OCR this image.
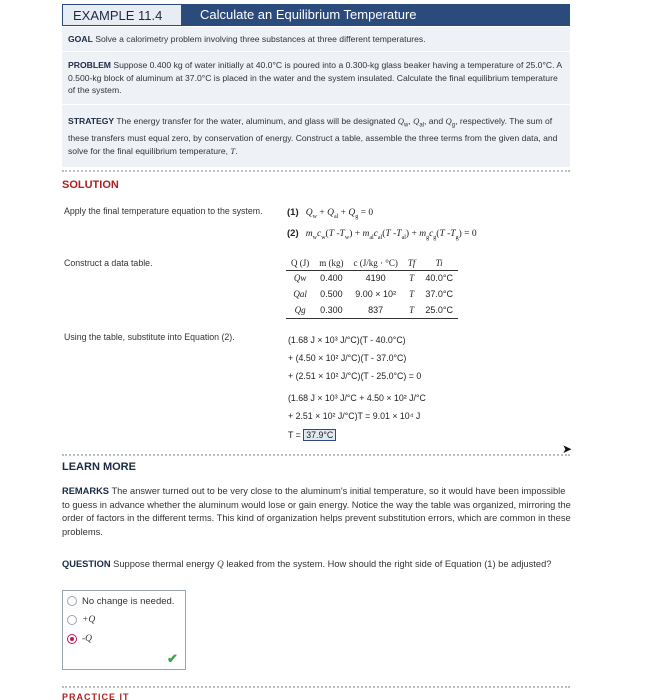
EXAMPLE 11.4	Calculate an Equilibrium Temperature
GOAL Solve a calorimetry problem involving three substances at three different temperatures.
PROBLEM Suppose 0.400 kg of water initially at 40.0°C is poured into a 0.300-kg glass beaker having a temperature of 25.0°C. A 0.500-kg block of aluminum at 37.0°C is placed in the water and the system insulated. Calculate the final equilibrium temperature of the system.
STRATEGY The energy transfer for the water, aluminum, and glass will be designated $Q_w$, $Q_{al}$, and $Q_g$, respectively. The sum of these transfers must equal zero, by conservation of energy. Construct a table, assemble the three terms from the given data, and solve for the final equilibrium temperature, T.
SOLUTION
Apply the final temperature equation to the system.	(1) $Q_w + Q_{al} + Q_g = 0$
(2) $m_wc_w(T$ $-T_w) + m_{al}c_{al}(T$ $-T_{al}) + m_gc_g(T$ $-T_g) = 0$
Construct a data table.	Q (J)	m (kg)	c (J/kg · °C)	Tf	Ti
Qw	0.400	4190	T	40.0°C
Qal	0.500	9.00 × 10²	T	37.0°C
Qg	0.300	837	T	25.0°C
Using the table, substitute into Equation (2).	(1.68 J × 10³ J/°C)(T - 40.0°C)
+ (4.50 × 10² J/°C)(T - 37.0°C)
+ (2.51 × 10² J/°C)(T - 25.0°C) = 0
(1.68 J × 10³ J/°C + 4.50 × 10² J/°C
+ 2.51 × 10² J/°C)T = 9.01 × 10⁴ J
T = 37.9°C
➤
LEARN MORE
REMARKS The answer turned out to be very close to the aluminum's initial temperature, so it would have been impossible to guess in advance whether the aluminum would lose or gain energy. Notice the way the table was organized, mirroring the order of factors in the different terms. This kind of organization helps prevent substitution errors, which are common in these problems.
QUESTION Suppose thermal energy Q leaked from the system. How should the right side of Equation (1) be adjusted?
No change is needed.
+Q
-Q
✔
PRACTICE IT
